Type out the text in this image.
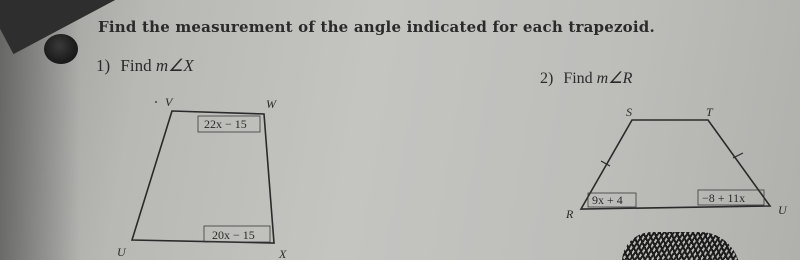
Find the measurement of the angle indicated for each trapezoid.
1) Find m∠X
2) Find m∠R
22x − 15
20x − 15
V	W
U	X
9x + 4	−8 + 11x
S	T
R	U
